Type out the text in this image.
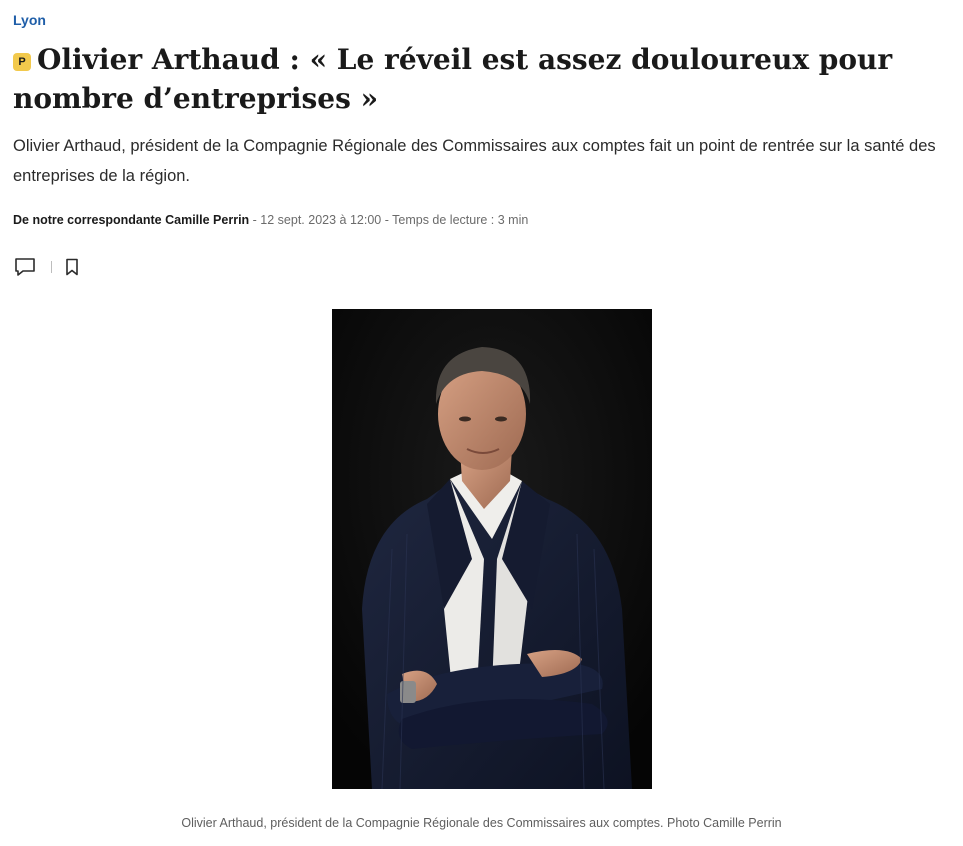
Lyon
P Olivier Arthaud : « Le réveil est assez douloureux pour nombre d’entreprises »

Olivier Arthaud, président de la Compagnie Régionale des Commissaires aux comptes fait un point de rentrée sur la santé des entreprises de la région.

De notre correspondante Camille Perrin - 12 sept. 2023 à 12:00 - Temps de lecture : 3 min
Olivier Arthaud, président de la Compagnie Régionale des Commissaires aux comptes. Photo Camille Perrin
